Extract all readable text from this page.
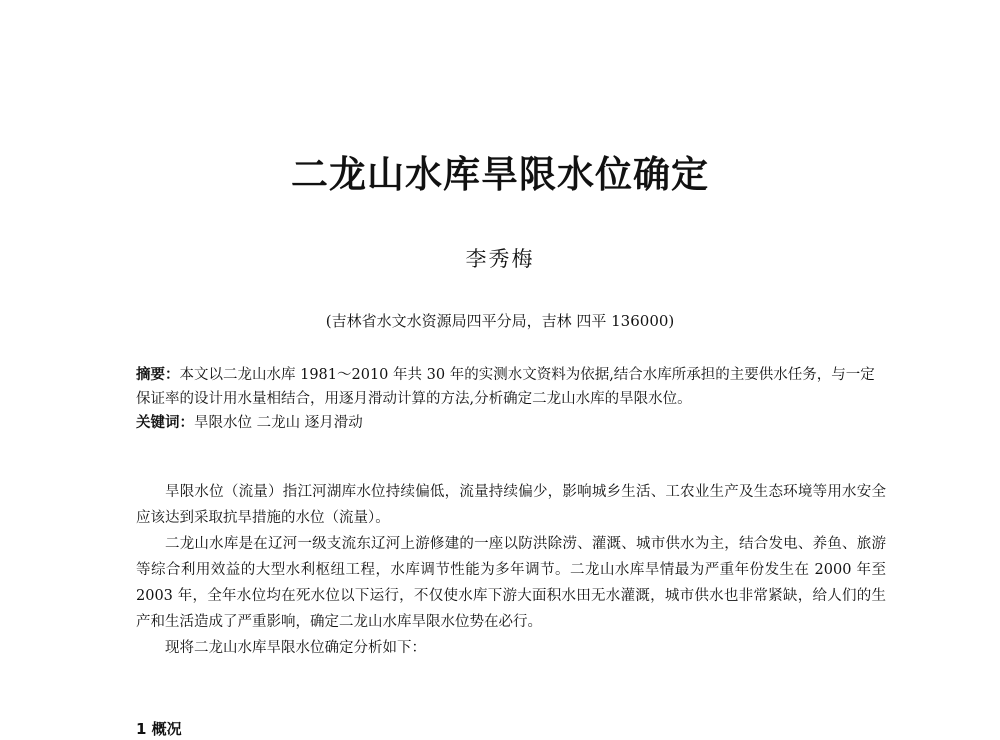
二龙山水库旱限水位确定
李秀梅
(吉林省水文水资源局四平分局，吉林 四平 136000)
摘要：本文以二龙山水库 1981～2010 年共 30 年的实测水文资料为依据,结合水库所承担的主要供水任务，与一定保证率的设计用水量相结合，用逐月滑动计算的方法,分析确定二龙山水库的旱限水位。
关键词：旱限水位 二龙山 逐月滑动

旱限水位（流量）指江河湖库水位持续偏低，流量持续偏少，影响城乡生活、工农业生产及生态环境等用水安全应该达到采取抗旱措施的水位（流量）。

二龙山水库是在辽河一级支流东辽河上游修建的一座以防洪除涝、灌溉、城市供水为主，结合发电、养鱼、旅游等综合利用效益的大型水利枢纽工程，水库调节性能为多年调节。二龙山水库旱情最为严重年份发生在 2000 年至 2003 年，全年水位均在死水位以下运行，不仅使水库下游大面积水田无水灌溉，城市供水也非常紧缺，给人们的生产和生活造成了严重影响，确定二龙山水库旱限水位势在必行。

现将二龙山水库旱限水位确定分析如下：

1 概况
